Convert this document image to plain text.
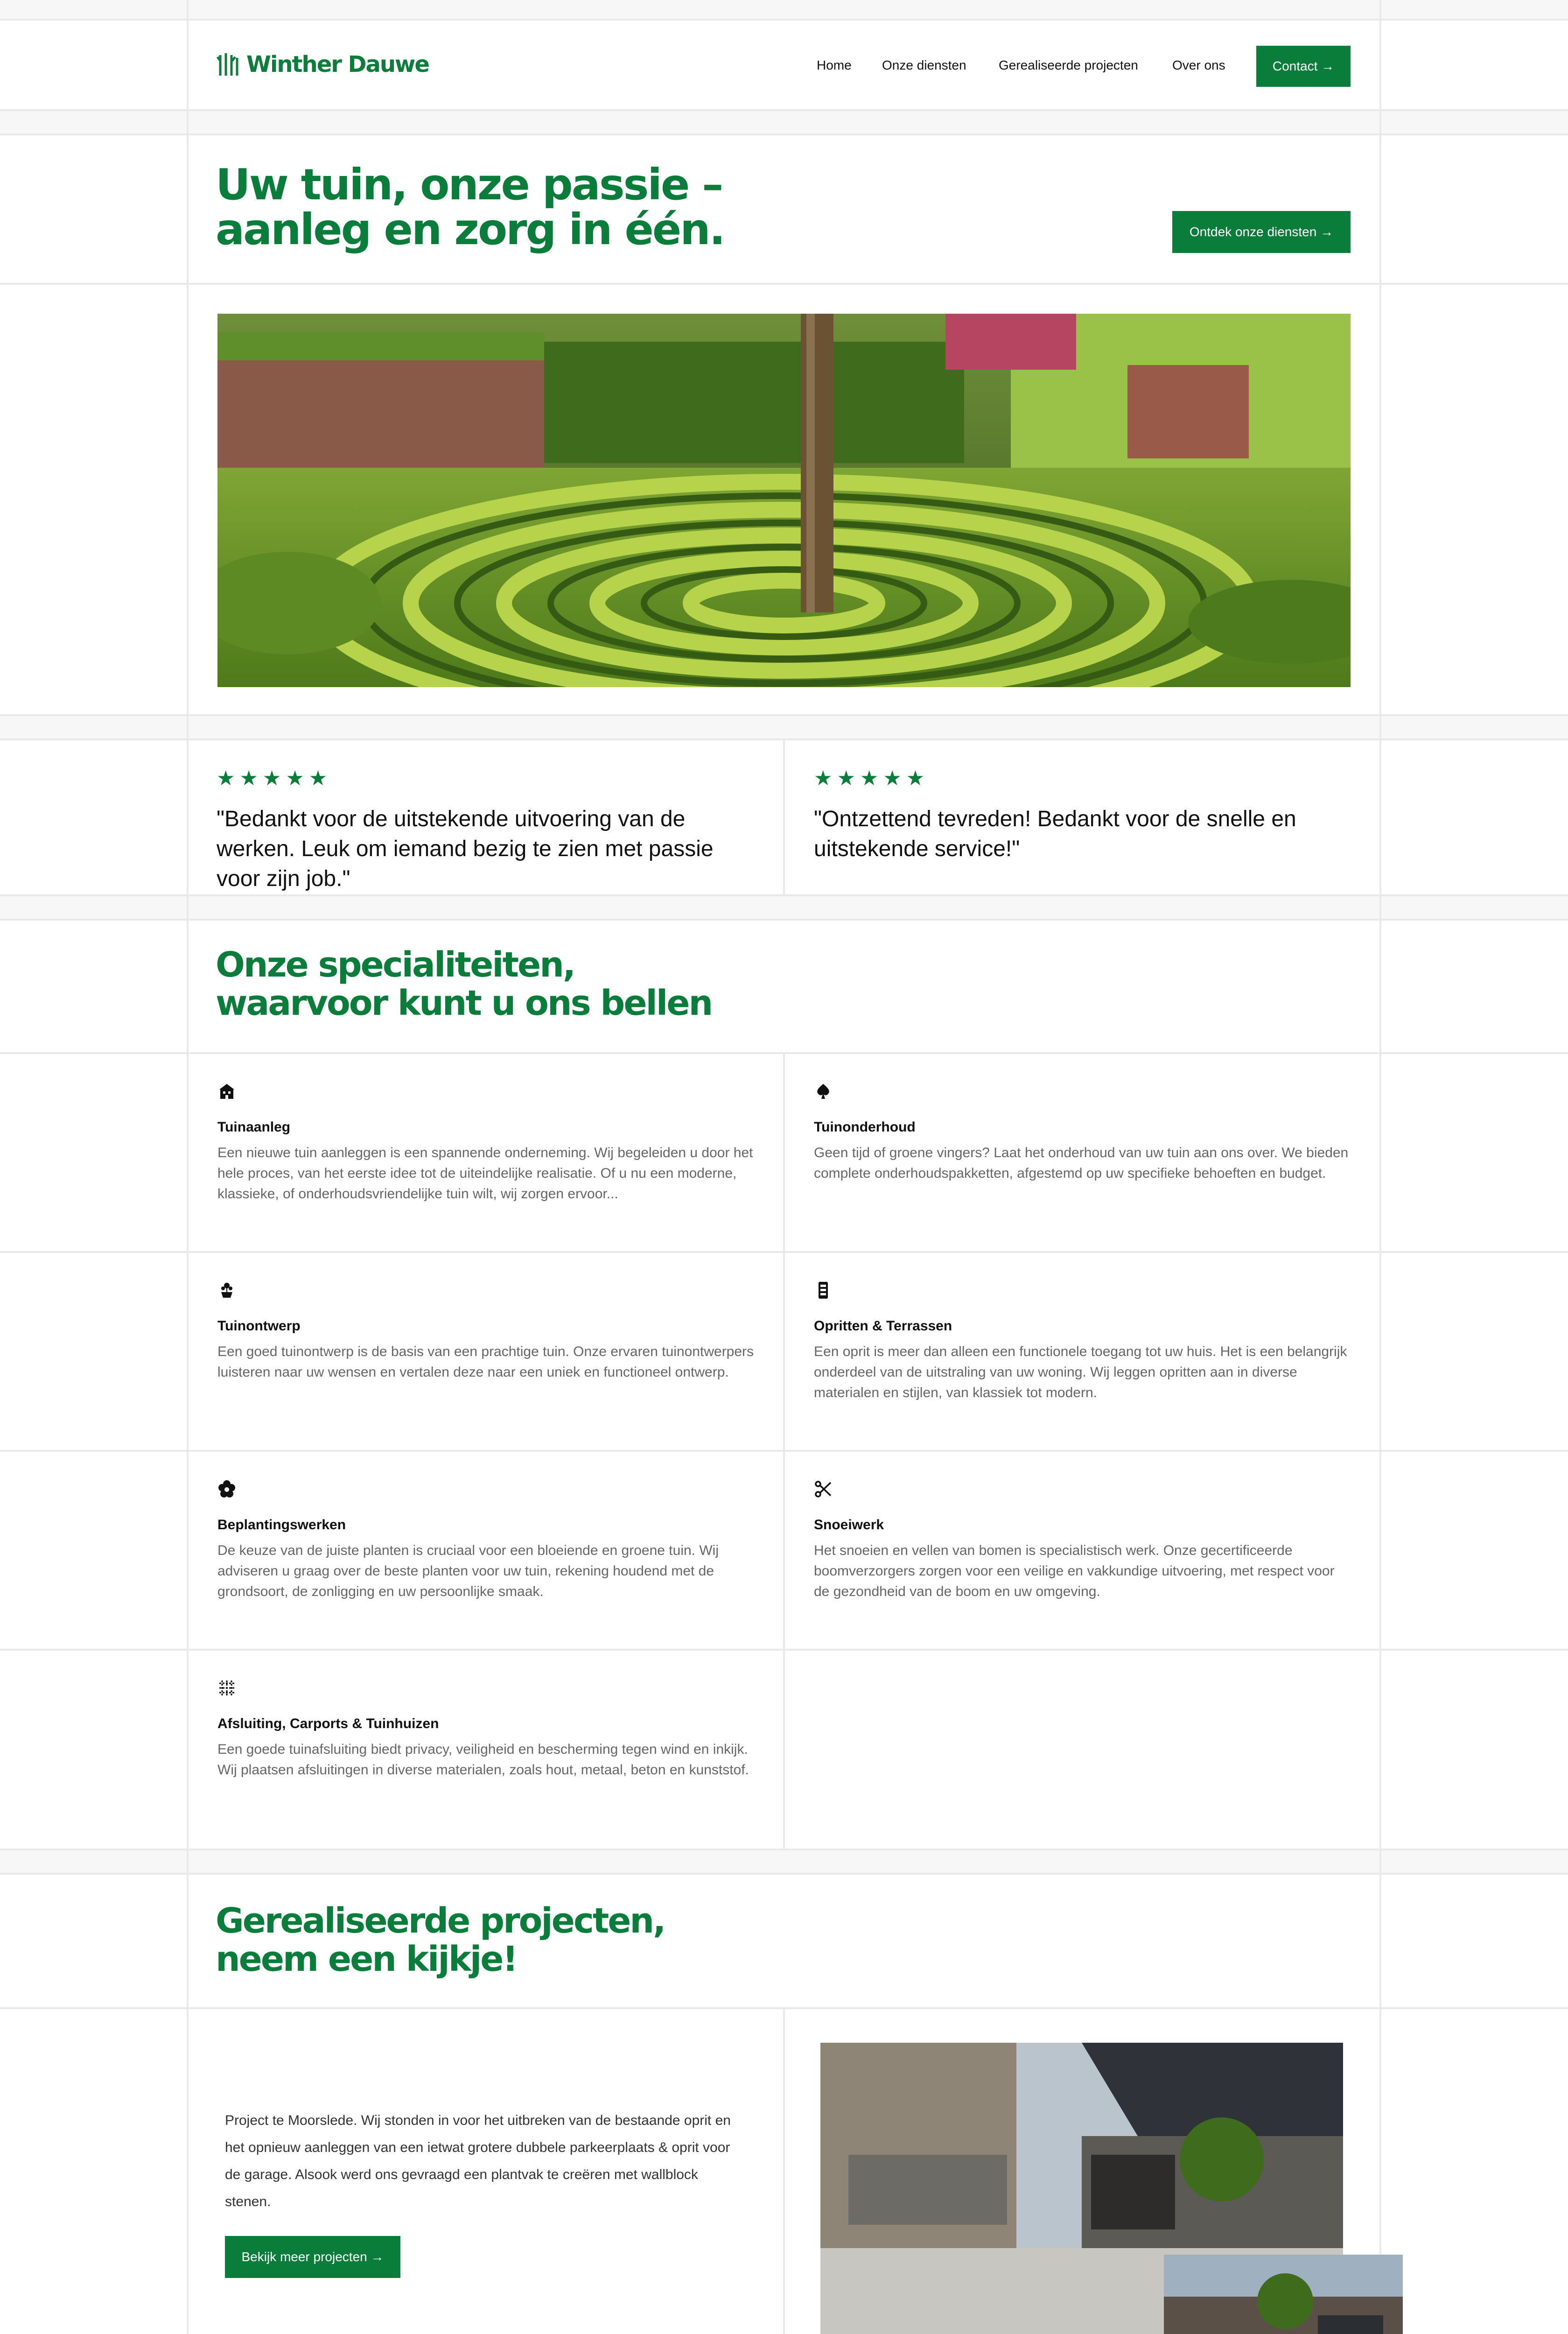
Winther Dauwe	Home Onze diensten Gerealiseerde projecten	Over ons	Contact →
Uw tuin, onze passie –
aanleg en zorg in één.	Ontdek onze diensten →
★★★★★

"Bedankt voor de uitstekende uitvoering van de werken. Leuk om iemand bezig te zien met passie voor zijn job."

★★★★★

"Ontzettend tevreden! Bedankt voor de snelle en uitstekende service!"

Onze specialiteiten,
waarvoor kunt u ons bellen
Tuinaanleg
Een nieuwe tuin aanleggen is een spannende onderneming. Wij begeleiden u door het hele proces, van het eerste idee tot de uiteindelijke realisatie. Of u nu een moderne, klassieke, of onderhoudsvriendelijke tuin wilt, wij zorgen ervoor...
Tuinonderhoud
Geen tijd of groene vingers? Laat het onderhoud van uw tuin aan ons over. We bieden complete onderhoudspakketten, afgestemd op uw specifieke behoeften en budget.
Tuinontwerp
Een goed tuinontwerp is de basis van een prachtige tuin. Onze ervaren tuinontwerpers luisteren naar uw wensen en vertalen deze naar een uniek en functioneel ontwerp.
Opritten & Terrassen
Een oprit is meer dan alleen een functionele toegang tot uw huis. Het is een belangrijk onderdeel van de uitstraling van uw woning. Wij leggen opritten aan in diverse materialen en stijlen, van klassiek tot modern.
Beplantingswerken
De keuze van de juiste planten is cruciaal voor een bloeiende en groene tuin. Wij adviseren u graag over de beste planten voor uw tuin, rekening houdend met de grondsoort, de zonligging en uw persoonlijke smaak.
Snoeiwerk
Het snoeien en vellen van bomen is specialistisch werk. Onze gecertificeerde boomverzorgers zorgen voor een veilige en vakkundige uitvoering, met respect voor de gezondheid van de boom en uw omgeving.
Afsluiting, Carports & Tuinhuizen
Een goede tuinafsluiting biedt privacy, veiligheid en bescherming tegen wind en inkijk. Wij plaatsen afsluitingen in diverse materialen, zoals hout, metaal, beton en kunststof.
Gerealiseerde projecten,
neem een kijkje!

Project te Moorslede. Wij stonden in voor het uitbreken van de bestaande oprit en het opnieuw aanleggen van een ietwat grotere dubbele parkeerplaats & oprit voor de garage. Alsook werd ons gevraagd een plantvak te creëren met wallblock stenen.

Bekijk meer projecten →
